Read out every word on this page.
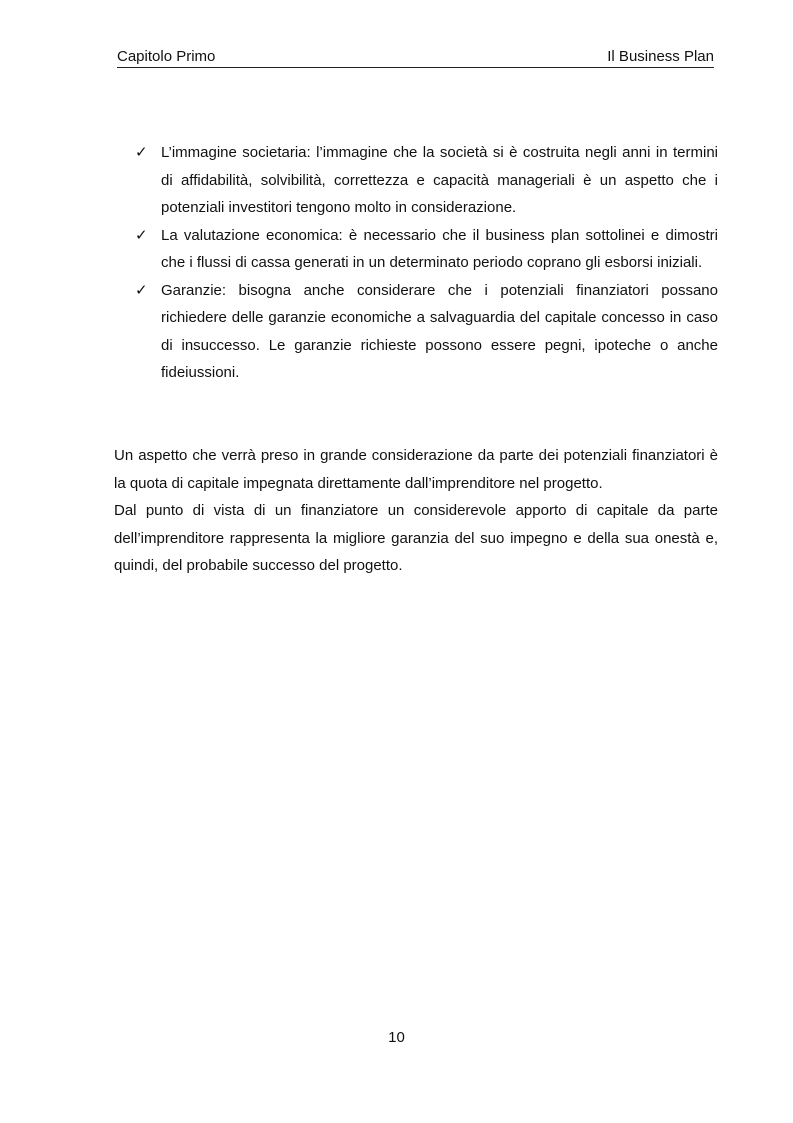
Capitolo Primo	Il Business Plan
✓ L’immagine societaria: l’immagine che la società si è costruita negli anni in termini di affidabilità, solvibilità, correttezza e capacità manageriali è un aspetto che i potenziali investitori tengono molto in considerazione.
✓ La valutazione economica: è necessario che il business plan sottolinei e dimostri che i flussi di cassa generati in un determinato periodo coprano gli esborsi iniziali.
✓ Garanzie: bisogna anche considerare che i potenziali finanziatori possano richiedere delle garanzie economiche a salvaguardia del capitale concesso in caso di insuccesso. Le garanzie richieste possono essere pegni, ipoteche o anche fideiussioni.

Un aspetto che verrà preso in grande considerazione da parte dei potenziali finanziatori è la quota di capitale impegnata direttamente dall’imprenditore nel progetto.

Dal punto di vista di un finanziatore un considerevole apporto di capitale da parte dell’imprenditore rappresenta la migliore garanzia del suo impegno e della sua onestà e, quindi, del probabile successo del progetto.

10
